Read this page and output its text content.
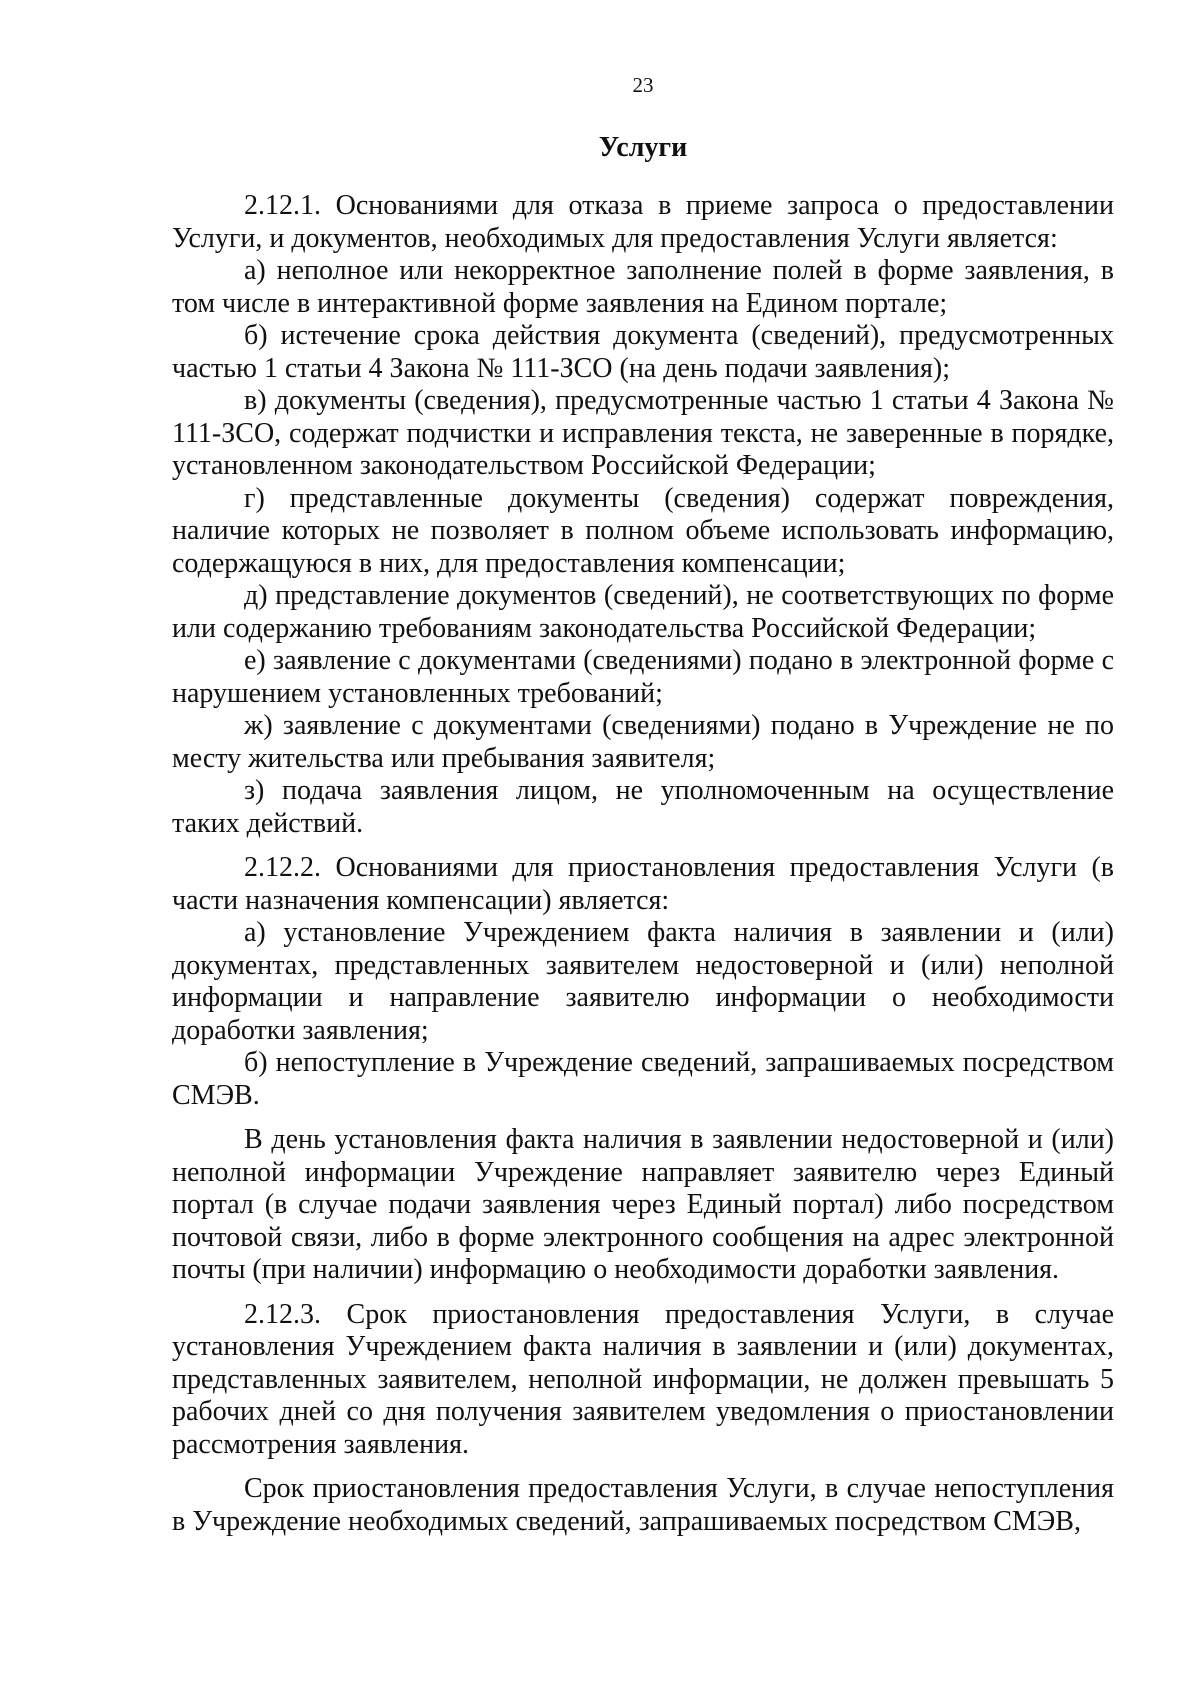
23
Услуги

2.12.1. Основаниями для отказа в приеме запроса о предоставлении Услуги, и документов, необходимых для предоставления Услуги является:

а) неполное или некорректное заполнение полей в форме заявления, в том числе в интерактивной форме заявления на Едином портале;

б) истечение срока действия документа (сведений), предусмотренных частью 1 статьи 4 Закона № 111-ЗСО (на день подачи заявления);

в) документы (сведения), предусмотренные частью 1 статьи 4 Закона № 111-ЗСО, содержат подчистки и исправления текста, не заверенные в порядке, установленном законодательством Российской Федерации;

г) представленные документы (сведения) содержат повреждения, наличие которых не позволяет в полном объеме использовать информацию, содержащуюся в них, для предоставления компенсации;

д) представление документов (сведений), не соответствующих по форме или содержанию требованиям законодательства Российской Федерации;

е) заявление с документами (сведениями) подано в электронной форме с нарушением установленных требований;

ж) заявление с документами (сведениями) подано в Учреждение не по месту жительства или пребывания заявителя;

з) подача заявления лицом, не уполномоченным на осуществление таких действий.

2.12.2. Основаниями для приостановления предоставления Услуги (в части назначения компенсации) является:

а) установление Учреждением факта наличия в заявлении и (или) документах, представленных заявителем недостоверной и (или) неполной информации и направление заявителю информации о необходимости доработки заявления;

б) непоступление в Учреждение сведений, запрашиваемых посредством СМЭВ.

В день установления факта наличия в заявлении недостоверной и (или) неполной информации Учреждение направляет заявителю через Единый портал (в случае подачи заявления через Единый портал) либо посредством почтовой связи, либо в форме электронного сообщения на адрес электронной почты (при наличии) информацию о необходимости доработки заявления.

2.12.3. Срок приостановления предоставления Услуги, в случае установления Учреждением факта наличия в заявлении и (или) документах, представленных заявителем, неполной информации, не должен превышать 5 рабочих дней со дня получения заявителем уведомления о приостановлении рассмотрения заявления.

Срок приостановления предоставления Услуги, в случае непоступления в Учреждение необходимых сведений, запрашиваемых посредством СМЭВ,
